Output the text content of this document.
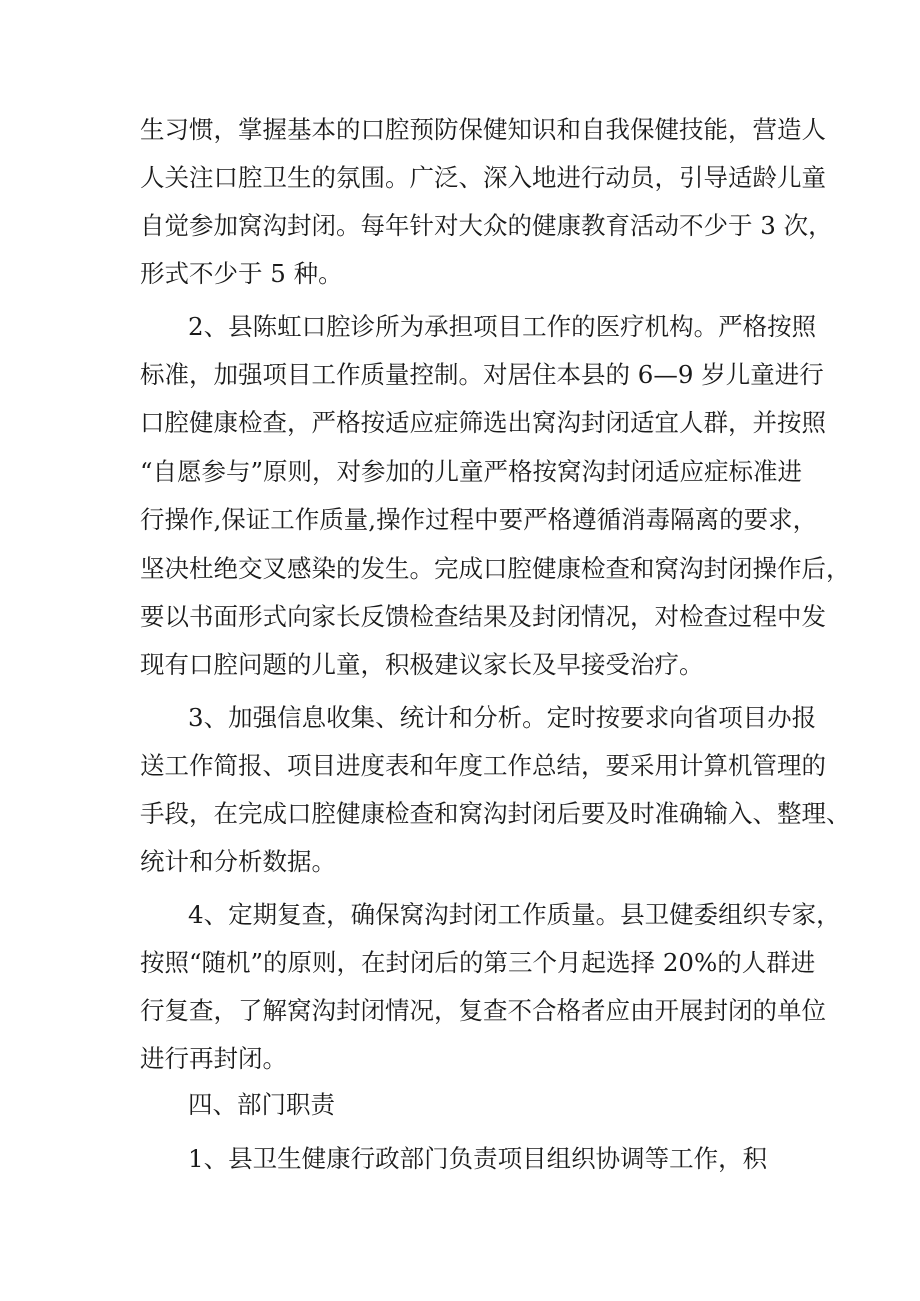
生习惯，掌握基本的口腔预防保健知识和自我保健技能，营造人
人关注口腔卫生的氛围。广泛、深入地进行动员，引导适龄儿童
自觉参加窝沟封闭。每年针对大众的健康教育活动不少于 3 次，
形式不少于 5 种。
2、县陈虹口腔诊所为承担项目工作的医疗机构。严格按照
标准，加强项目工作质量控制。对居住本县的 6—9 岁儿童进行
口腔健康检查，严格按适应症筛选出窝沟封闭适宜人群，并按照
“自愿参与”原则，对参加的儿童严格按窝沟封闭适应症标准进
行操作,保证工作质量,操作过程中要严格遵循消毒隔离的要求，
坚决杜绝交叉感染的发生。完成口腔健康检查和窝沟封闭操作后，
要以书面形式向家长反馈检查结果及封闭情况，对检查过程中发
现有口腔问题的儿童，积极建议家长及早接受治疗。
3、加强信息收集、统计和分析。定时按要求向省项目办报
送工作简报、项目进度表和年度工作总结，要采用计算机管理的
手段，在完成口腔健康检查和窝沟封闭后要及时准确输入、整理、
统计和分析数据。
4、定期复查，确保窝沟封闭工作质量。县卫健委组织专家，
按照“随机”的原则，在封闭后的第三个月起选择 20%的人群进
行复查，了解窝沟封闭情况，复查不合格者应由开展封闭的单位
进行再封闭。
四、部门职责
1、县卫生健康行政部门负责项目组织协调等工作，积
